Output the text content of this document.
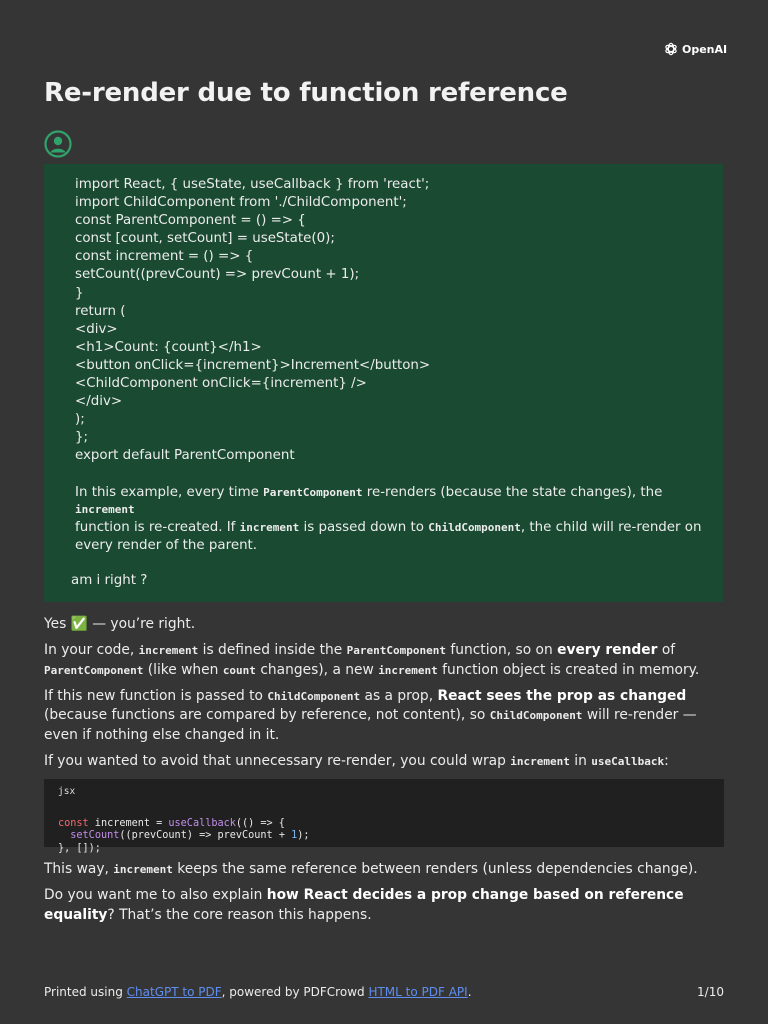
OpenAI
Re-render due to function reference
import React, { useState, useCallback } from 'react';
import ChildComponent from './ChildComponent';
const ParentComponent = () => {
const [count, setCount] = useState(0);
const increment = () => {
setCount((prevCount) => prevCount + 1);
}
return (
<div>
<h1>Count: {count}</h1>
<button onClick={increment}>Increment</button>
<ChildComponent onClick={increment} />
</div>
);
};
export default ParentComponent
In this example, every time ParentComponent re-renders (because the state changes), the
increment
function is re-created. If increment is passed down to ChildComponent, the child will re-render on every render of the parent.
am i right ?

Yes ✅ — you’re right.

In your code, increment is defined inside the ParentComponent function, so on every render of
ParentComponent (like when count changes), a new increment function object is created in memory.

If this new function is passed to ChildComponent as a prop, React sees the prop as changed (because functions are compared by reference, not content), so ChildComponent will re-render — even if nothing else changed in it.

If you wanted to avoid that unnecessary re-render, you could wrap increment in useCallback:

jsx
const increment = useCallback(() => {
setCount((prevCount) => prevCount + 1);
}, []);

This way, increment keeps the same reference between renders (unless dependencies change).

Do you want me to also explain how React decides a prop change based on reference equality? That’s the core reason this happens.

Printed using ChatGPT to PDF, powered by PDFCrowd HTML to PDF API.	1/10
